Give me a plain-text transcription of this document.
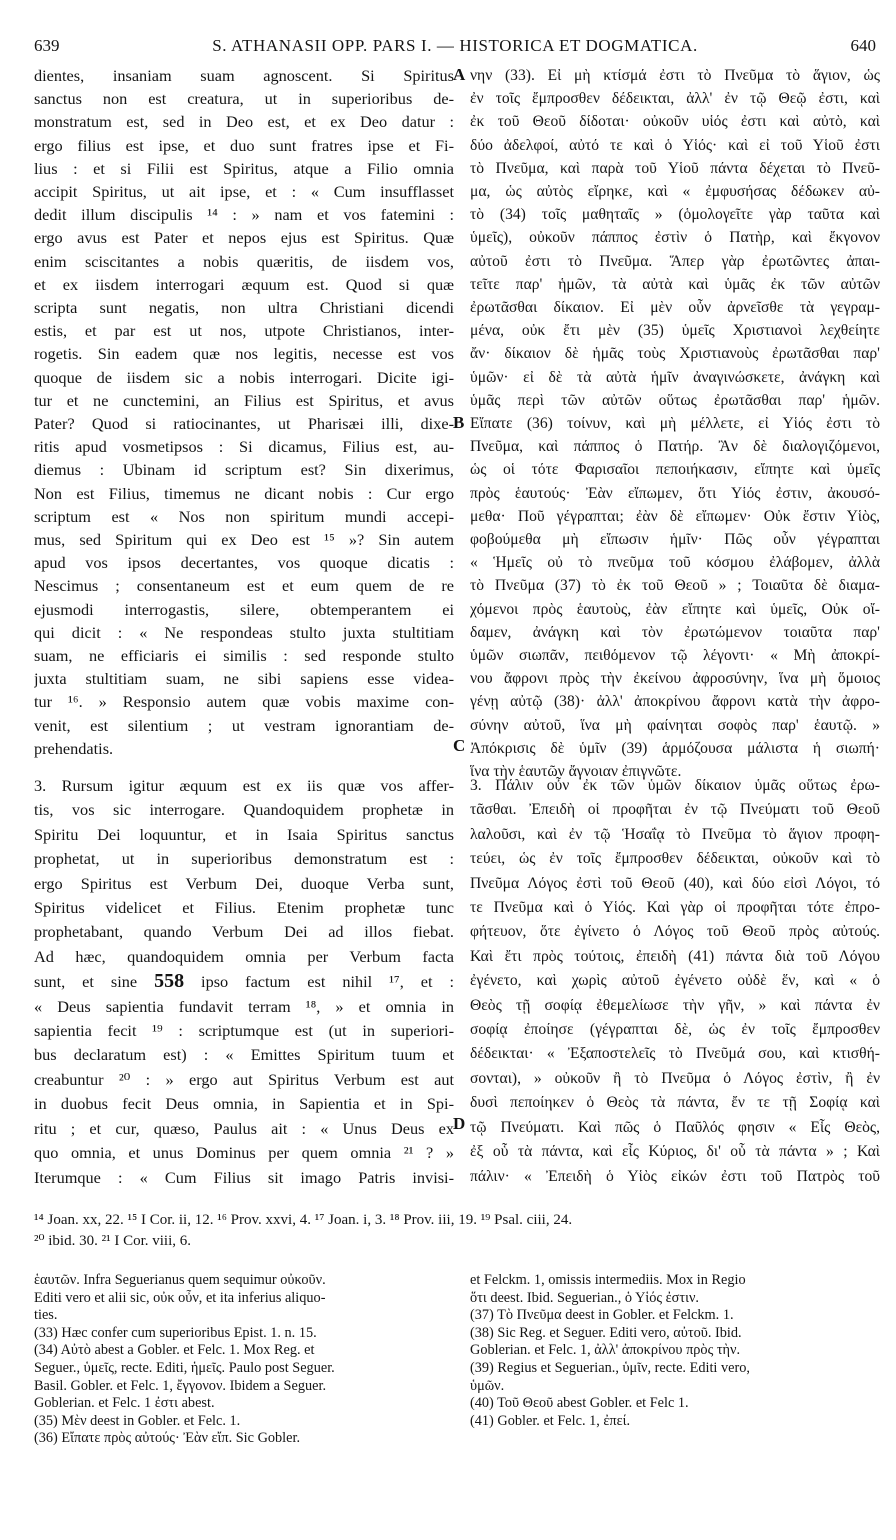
639	S. ATHANASII OPP. PARS I. — HISTORICA ET DOGMATICA.	640
dientes, insaniam suam agnoscent. Si Spiritus
sanctus non est creatura, ut in superioribus de-
monstratum est, sed in Deo est, et ex Deo datur :
ergo filius est ipse, et duo sunt fratres ipse et Fi-
lius : et si Filii est Spiritus, atque a Filio omnia
accipit Spiritus, ut ait ipse, et : « Cum insufflasset
dedit illum discipulis ¹⁴ : » nam et vos fatemini :
ergo avus est Pater et nepos ejus est Spiritus. Quæ
enim sciscitantes a nobis quæritis, de iisdem vos,
et ex iisdem interrogari æquum est. Quod si quæ
scripta sunt negatis, non ultra Christiani dicendi
estis, et par est ut nos, utpote Christianos, inter-
rogetis. Sin eadem quæ nos legitis, necesse est vos
quoque de iisdem sic a nobis interrogari. Dicite igi-
tur et ne cunctemini, an Filius est Spiritus, et avus
Pater? Quod si ratiocinantes, ut Pharisæi illi, dixe-
ritis apud vosmetipsos : Si dicamus, Filius est, au-
diemus : Ubinam id scriptum est? Sin dixerimus,
Non est Filius, timemus ne dicant nobis : Cur ergo
scriptum est « Nos non spiritum mundi accepi-
mus, sed Spiritum qui ex Deo est ¹⁵ »? Sin autem
apud vos ipsos decertantes, vos quoque dicatis :
Nescimus ; consentaneum est et eum quem de re
ejusmodi interrogastis, silere, obtemperantem ei
qui dicit : « Ne respondeas stulto juxta stultitiam
suam, ne efficiaris ei similis : sed responde stulto
juxta stultitiam suam, ne sibi sapiens esse videa-
tur ¹⁶. » Responsio autem quæ vobis maxime con-
venit, est silentium ; ut vestram ignorantiam de-
prehendatis.
νην (33). Εἰ μὴ κτίσμά ἐστι τὸ Πνεῦμα τὸ ἅγιον, ὡς
ἐν τοῖς ἔμπροσθεν δέδεικται, ἀλλ' ἐν τῷ Θεῷ ἐστι, καὶ
ἐκ τοῦ Θεοῦ δίδοται· οὐκοῦν υἱός ἐστι καὶ αὐτὸ, καὶ
δύο ἀδελφοί, αὐτό τε καὶ ὁ Υἱός· καὶ εἰ τοῦ Υἱοῦ ἐστι
τὸ Πνεῦμα, καὶ παρὰ τοῦ Υἱοῦ πάντα δέχεται τὸ Πνεῦ-
μα, ὡς αὐτὸς εἴρηκε, καὶ « ἐμφυσήσας δέδωκεν αὐ-
τὸ (34) τοῖς μαθηταῖς » (ὁμολογεῖτε γὰρ ταῦτα καὶ
ὑμεῖς), οὐκοῦν πάππος ἐστὶν ὁ Πατὴρ, καὶ ἔκγονον
αὐτοῦ ἐστι τὸ Πνεῦμα. Ἅπερ γὰρ ἐρωτῶντες ἀπαι-
τεῖτε παρ' ἡμῶν, τὰ αὐτὰ καὶ ὑμᾶς ἐκ τῶν αὐτῶν
ἐρωτᾶσθαι δίκαιον. Εἰ μὲν οὖν ἀρνεῖσθε τὰ γεγραμ-
μένα, οὐκ ἔτι μὲν (35) ὑμεῖς Χριστιανοὶ λεχθείητε
ἄν· δίκαιον δὲ ἡμᾶς τοὺς Χριστιανοὺς ἐρωτᾶσθαι παρ'
ὑμῶν· εἰ δὲ τὰ αὐτὰ ἡμῖν ἀναγινώσκετε, ἀνάγκη καὶ
ὑμᾶς περὶ τῶν αὐτῶν οὕτως ἐρωτᾶσθαι παρ' ἡμῶν.
Εἴπατε (36) τοίνυν, καὶ μὴ μέλλετε, εἰ Υἱός ἐστι τὸ
Πνεῦμα, καὶ πάππος ὁ Πατήρ. Ἂν δὲ διαλογιζόμενοι,
ὡς οἱ τότε Φαρισαῖοι πεποιήκασιν, εἴπητε καὶ ὑμεῖς
πρὸς ἑαυτούς· Ἐὰν εἴπωμεν, ὅτι Υἱός ἐστιν, ἀκουσό-
μεθα· Ποῦ γέγραπται; ἐὰν δὲ εἴπωμεν· Οὐκ ἔστιν Υἱὸς,
φοβούμεθα μὴ εἴπωσιν ἡμῖν· Πῶς οὖν γέγραπται
« Ἡμεῖς οὐ τὸ πνεῦμα τοῦ κόσμου ἐλάβομεν, ἀλλὰ
τὸ Πνεῦμα (37) τὸ ἐκ τοῦ Θεοῦ » ; Τοιαῦτα δὲ διαμα-
χόμενοι πρὸς ἑαυτοὺς, ἐὰν εἴπητε καὶ ὑμεῖς, Οὐκ οἴ-
δαμεν, ἀνάγκη καὶ τὸν ἐρωτώμενον τοιαῦτα παρ'
ὑμῶν σιωπᾶν, πειθόμενον τῷ λέγοντι· « Μὴ ἀποκρί-
νου ἄφρονι πρὸς τὴν ἐκείνου ἀφροσύνην, ἵνα μὴ ὅμοιος
γένῃ αὐτῷ (38)· ἀλλ' ἀποκρίνου ἄφρονι κατὰ τὴν ἀφρο-
σύνην αὐτοῦ, ἵνα μὴ φαίνηται σοφὸς παρ' ἑαυτῷ. »
Ἀπόκρισις δὲ ὑμῖν (39) ἁρμόζουσα μάλιστα ἡ σιωπή·
ἵνα τὴν ἑαυτῶν ἄγνοιαν ἐπιγνῶτε.
3. Rursum igitur æquum est ex iis quæ vos affer-
tis, vos sic interrogare. Quandoquidem prophetæ in
Spiritu Dei loquuntur, et in Isaia Spiritus sanctus
prophetat, ut in superioribus demonstratum est :
ergo Spiritus est Verbum Dei, duoque Verba sunt,
Spiritus videlicet et Filius. Etenim prophetæ tunc
prophetabant, quando Verbum Dei ad illos fiebat.
Ad hæc, quandoquidem omnia per Verbum facta
sunt, et sine 558 ipso factum est nihil ¹⁷, et :
« Deus sapientia fundavit terram ¹⁸, » et omnia in
sapientia fecit ¹⁹ : scriptumque est (ut in superiori-
bus declaratum est) : « Emittes Spiritum tuum et
creabuntur ²⁰ : » ergo aut Spiritus Verbum est aut
in duobus fecit Deus omnia, in Sapientia et in Spi-
ritu ; et cur, quæso, Paulus ait : « Unus Deus ex
quo omnia, et unus Dominus per quem omnia ²¹ ? »
Iterumque : « Cum Filius sit imago Patris invisi-
3. Πάλιν οὖν ἐκ τῶν ὑμῶν δίκαιον ὑμᾶς οὕτως ἐρω-
τᾶσθαι. Ἐπειδὴ οἱ προφῆται ἐν τῷ Πνεύματι τοῦ Θεοῦ
λαλοῦσι, καὶ ἐν τῷ Ἡσαΐᾳ τὸ Πνεῦμα τὸ ἅγιον προφη-
τεύει, ὡς ἐν τοῖς ἔμπροσθεν δέδεικται, οὐκοῦν καὶ τὸ
Πνεῦμα Λόγος ἐστὶ τοῦ Θεοῦ (40), καὶ δύο εἰσὶ Λόγοι, τό
τε Πνεῦμα καὶ ὁ Υἱός. Καὶ γὰρ οἱ προφῆται τότε ἐπρο-
φήτευον, ὅτε ἐγίνετο ὁ Λόγος τοῦ Θεοῦ πρὸς αὐτούς.
Καὶ ἔτι πρὸς τούτοις, ἐπειδὴ (41) πάντα διὰ τοῦ Λόγου
ἐγένετο, καὶ χωρὶς αὐτοῦ ἐγένετο οὐδὲ ἕν, καὶ « ὁ
Θεὸς τῇ σοφίᾳ ἐθεμελίωσε τὴν γῆν, » καὶ πάντα ἐν
σοφίᾳ ἐποίησε (γέγραπται δὲ, ὡς ἐν τοῖς ἔμπροσθεν
δέδεικται· « Ἐξαποστελεῖς τὸ Πνεῦμά σου, καὶ κτισθή-
σονται), » οὐκοῦν ἢ τὸ Πνεῦμα ὁ Λόγος ἐστὶν, ἢ ἐν
δυσὶ πεποίηκεν ὁ Θεὸς τὰ πάντα, ἔν τε τῇ Σοφίᾳ καὶ
τῷ Πνεύματι. Καὶ πῶς ὁ Παῦλός φησιν « Εἷς Θεὸς,
ἐξ οὗ τὰ πάντα, καὶ εἷς Κύριος, δι' οὗ τὰ πάντα » ; Καὶ
πάλιν· « Ἐπειδὴ ὁ Υἱὸς εἰκών ἐστι τοῦ Πατρὸς τοῦ
A
B
C
D
¹⁴ Joan. xx, 22. ¹⁵ I Cor. ii, 12. ¹⁶ Prov. xxvi, 4. ¹⁷ Joan. i, 3. ¹⁸ Prov. iii, 19. ¹⁹ Psal. ciii, 24.
²⁰ ibid. 30. ²¹ I Cor. viii, 6.
ἑαυτῶν. Infra Seguerianus quem sequimur οὐκοῦν.
Editi vero et alii sic, οὐκ οὖν, et ita inferius aliquo-
ties.
(33) Hæc confer cum superioribus Epist. 1. n. 15.
(34) Αὐτὸ abest a Gobler. et Felc. 1. Mox Reg. et
Seguer., ὑμεῖς, recte. Editi, ἡμεῖς. Paulo post Seguer.
Basil. Gobler. et Felc. 1, ἔγγονον. Ibidem a Seguer.
Goblerian. et Felc. 1 ἐστι abest.
(35) Μὲν deest in Gobler. et Felc. 1.
(36) Εἴπατε πρὸς αὐτούς· Ἐὰν εἴπ. Sic Gobler.
et Felckm. 1, omissis intermediis. Mox in Regio
ὅτι deest. Ibid. Seguerian., ὁ Υἱός ἐστιν.
(37) Τὸ Πνεῦμα deest in Gobler. et Felckm. 1.
(38) Sic Reg. et Seguer. Editi vero, αὐτοῦ. Ibid.
Goblerian. et Felc. 1, ἀλλ' ἀποκρίνου πρὸς τὴν.
(39) Regius et Seguerian., ὑμῖν, recte. Editi vero,
ὑμῶν.
(40) Τοῦ Θεοῦ abest Gobler. et Felc 1.
(41) Gobler. et Felc. 1, ἐπεί.
